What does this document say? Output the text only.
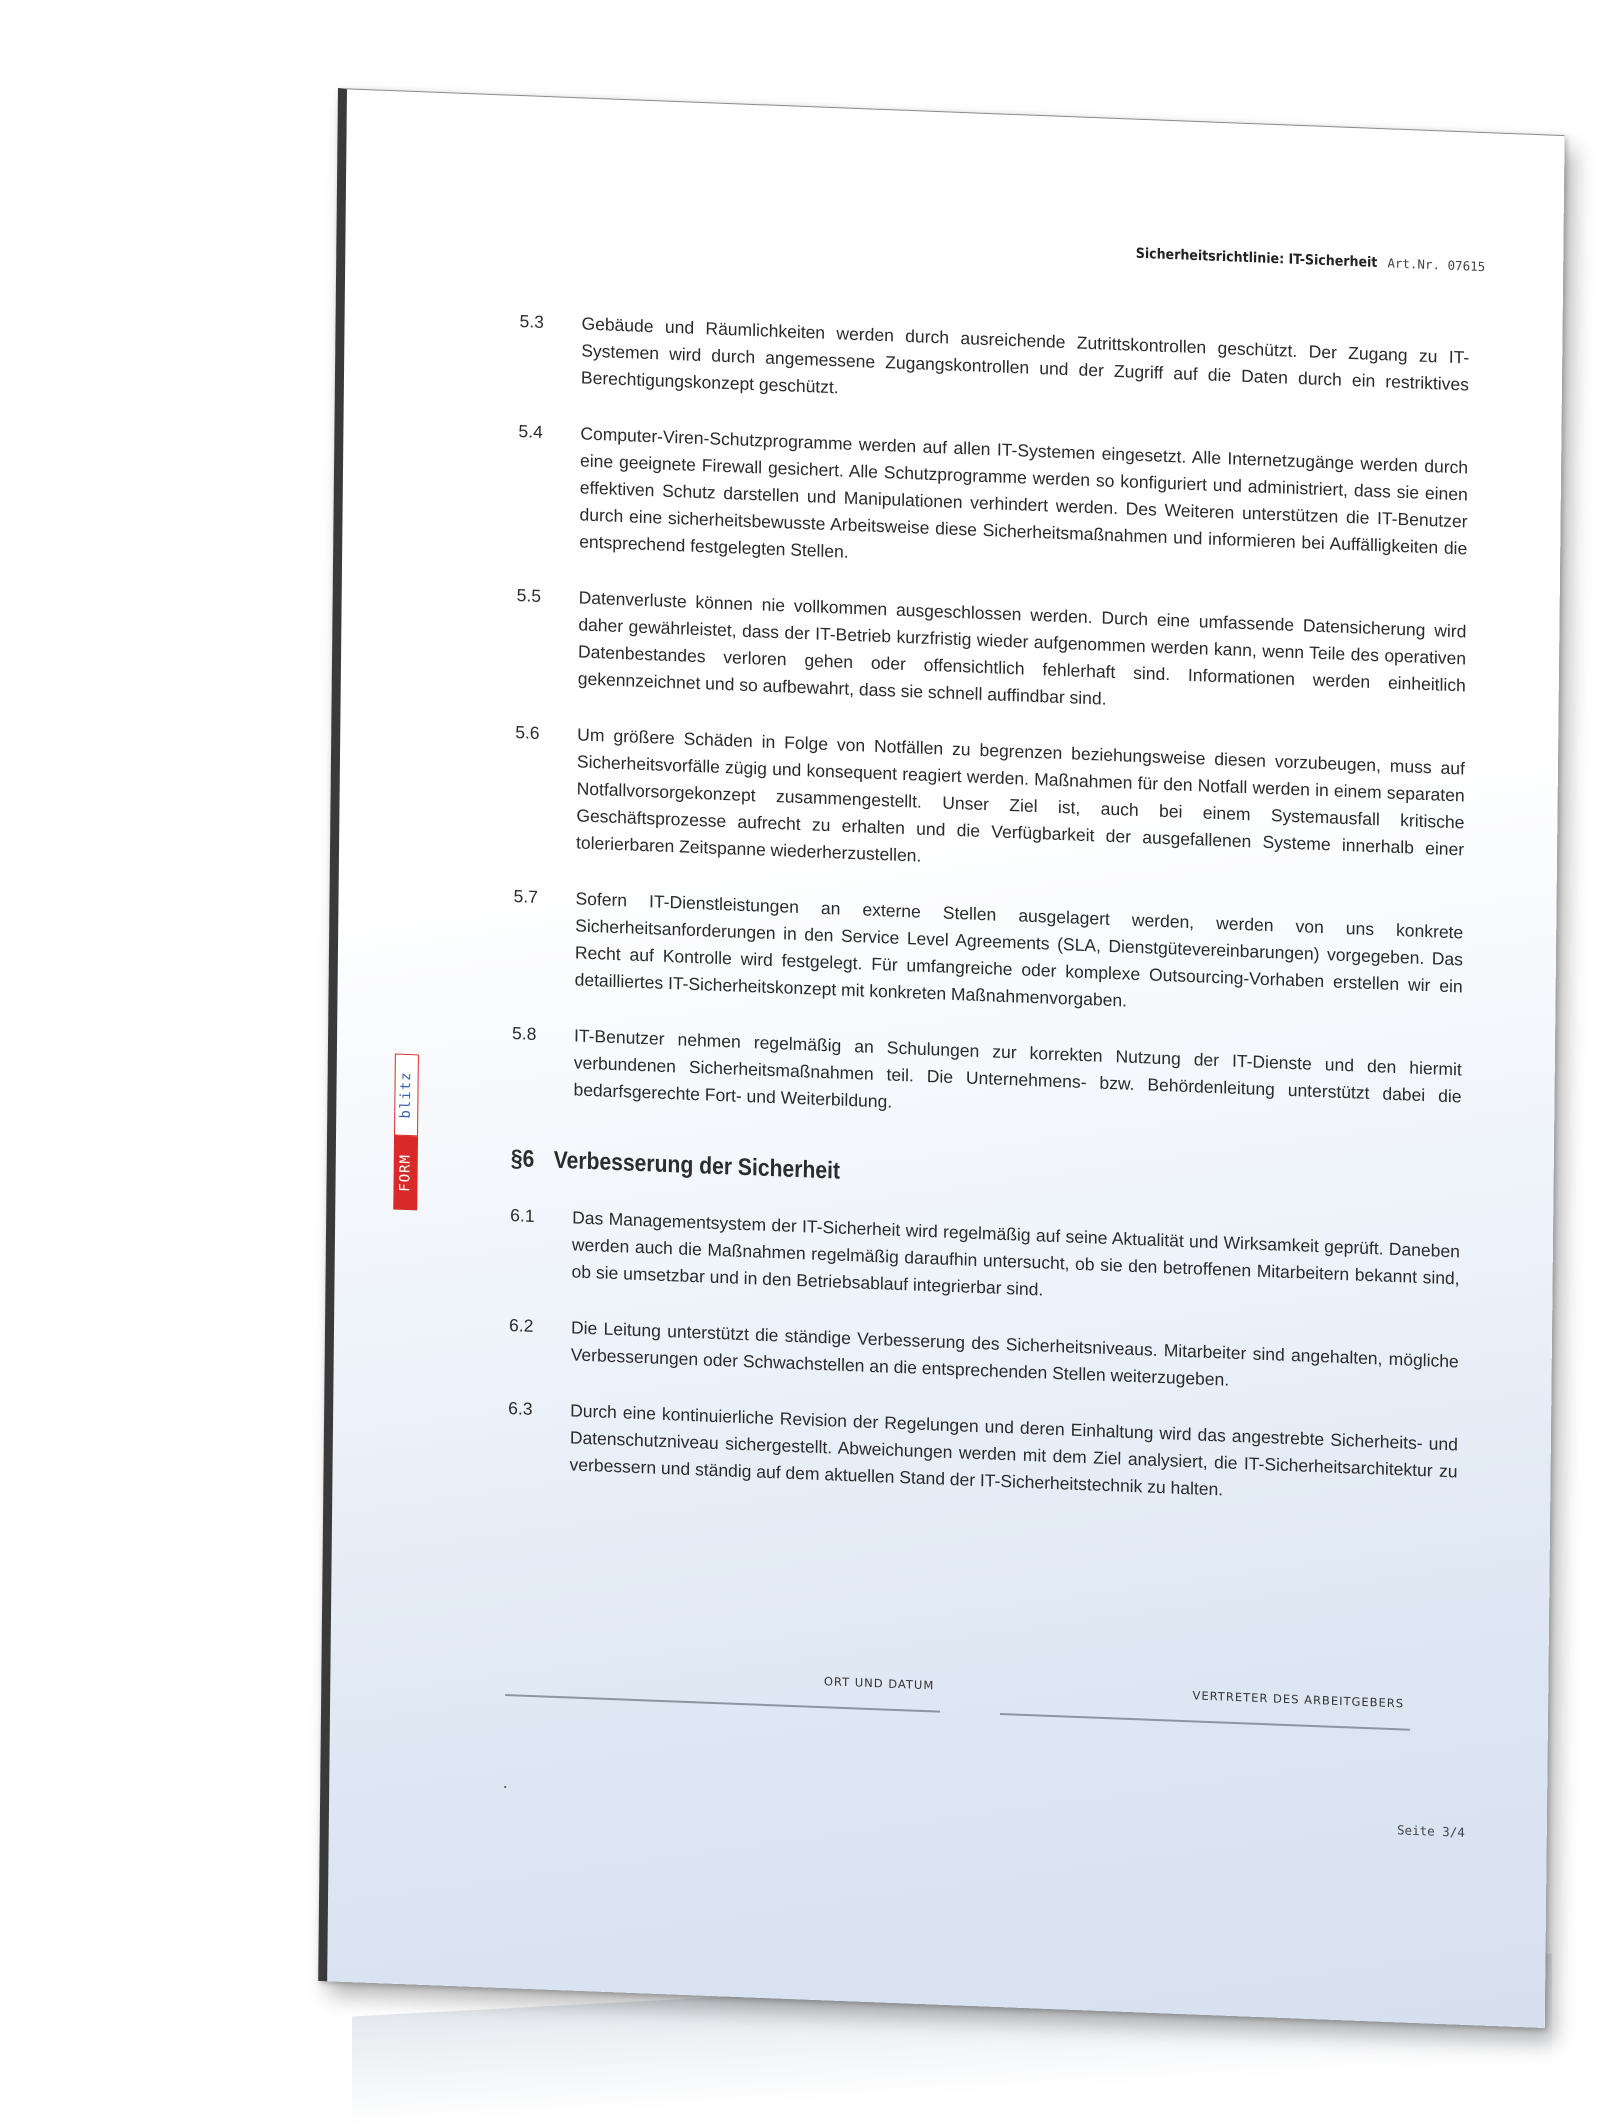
Sicherheitsrichtlinie: IT-Sicherheit Art.Nr. 07615
FORM
blitz
5.3 Gebäude und Räumlichkeiten werden durch ausreichende Zutrittskontrollen geschützt. Der Zugang zu IT-Systemen wird durch angemessene Zugangskontrollen und der Zugriff auf die Daten durch ein restriktives Berechtigungskonzept geschützt.
5.4 Computer-Viren-Schutzprogramme werden auf allen IT-Systemen eingesetzt. Alle Internetzugänge werden durch eine geeignete Firewall gesichert. Alle Schutzprogramme werden so konfiguriert und administriert, dass sie einen effektiven Schutz darstellen und Manipulationen verhindert werden. Des Weiteren unterstützen die IT-Benutzer durch eine sicherheitsbewusste Arbeitsweise diese Sicherheitsmaßnahmen und informieren bei Auffälligkeiten die entsprechend festgelegten Stellen.
5.5 Datenverluste können nie vollkommen ausgeschlossen werden. Durch eine umfassende Datensicherung wird daher gewährleistet, dass der IT-Betrieb kurzfristig wieder aufgenommen werden kann, wenn Teile des operativen Datenbestandes verloren gehen oder offensichtlich fehlerhaft sind. Informationen werden einheitlich gekennzeichnet und so aufbewahrt, dass sie schnell auffindbar sind.
5.6 Um größere Schäden in Folge von Notfällen zu begrenzen beziehungsweise diesen vorzubeugen, muss auf Sicherheitsvorfälle zügig und konsequent reagiert werden. Maßnahmen für den Notfall werden in einem separaten Notfallvorsorgekonzept zusammengestellt. Unser Ziel ist, auch bei einem Systemausfall kritische Geschäftsprozesse aufrecht zu erhalten und die Verfügbarkeit der ausgefallenen Systeme innerhalb einer tolerierbaren Zeitspanne wiederherzustellen.
5.7 Sofern IT-Dienstleistungen an externe Stellen ausgelagert werden, werden von uns konkrete Sicherheitsanforderungen in den Service Level Agreements (SLA, Dienstgütevereinbarungen) vorgegeben. Das Recht auf Kontrolle wird festgelegt. Für umfangreiche oder komplexe Outsourcing-Vorhaben erstellen wir ein detailliertes IT-Sicherheitskonzept mit konkreten Maßnahmenvorgaben.
5.8 IT-Benutzer nehmen regelmäßig an Schulungen zur korrekten Nutzung der IT-Dienste und den hiermit verbundenen Sicherheitsmaßnahmen teil. Die Unternehmens- bzw. Behördenleitung unterstützt dabei die bedarfsgerechte Fort- und Weiterbildung.
§6 Verbesserung der Sicherheit
6.1 Das Managementsystem der IT-Sicherheit wird regelmäßig auf seine Aktualität und Wirksamkeit geprüft. Daneben werden auch die Maßnahmen regelmäßig daraufhin untersucht, ob sie den betroffenen Mitarbeitern bekannt sind, ob sie umsetzbar und in den Betriebsablauf integrierbar sind.
6.2 Die Leitung unterstützt die ständige Verbesserung des Sicherheitsniveaus. Mitarbeiter sind angehalten, mögliche Verbesserungen oder Schwachstellen an die entsprechenden Stellen weiterzugeben.
6.3 Durch eine kontinuierliche Revision der Regelungen und deren Einhaltung wird das angestrebte Sicherheits- und Datenschutzniveau sichergestellt. Abweichungen werden mit dem Ziel analysiert, die IT-Sicherheitsarchitektur zu verbessern und ständig auf dem aktuellen Stand der IT-Sicherheitstechnik zu halten.
ORT UND DATUM
VERTRETER DES ARBEITGEBERS
Seite 3/4
